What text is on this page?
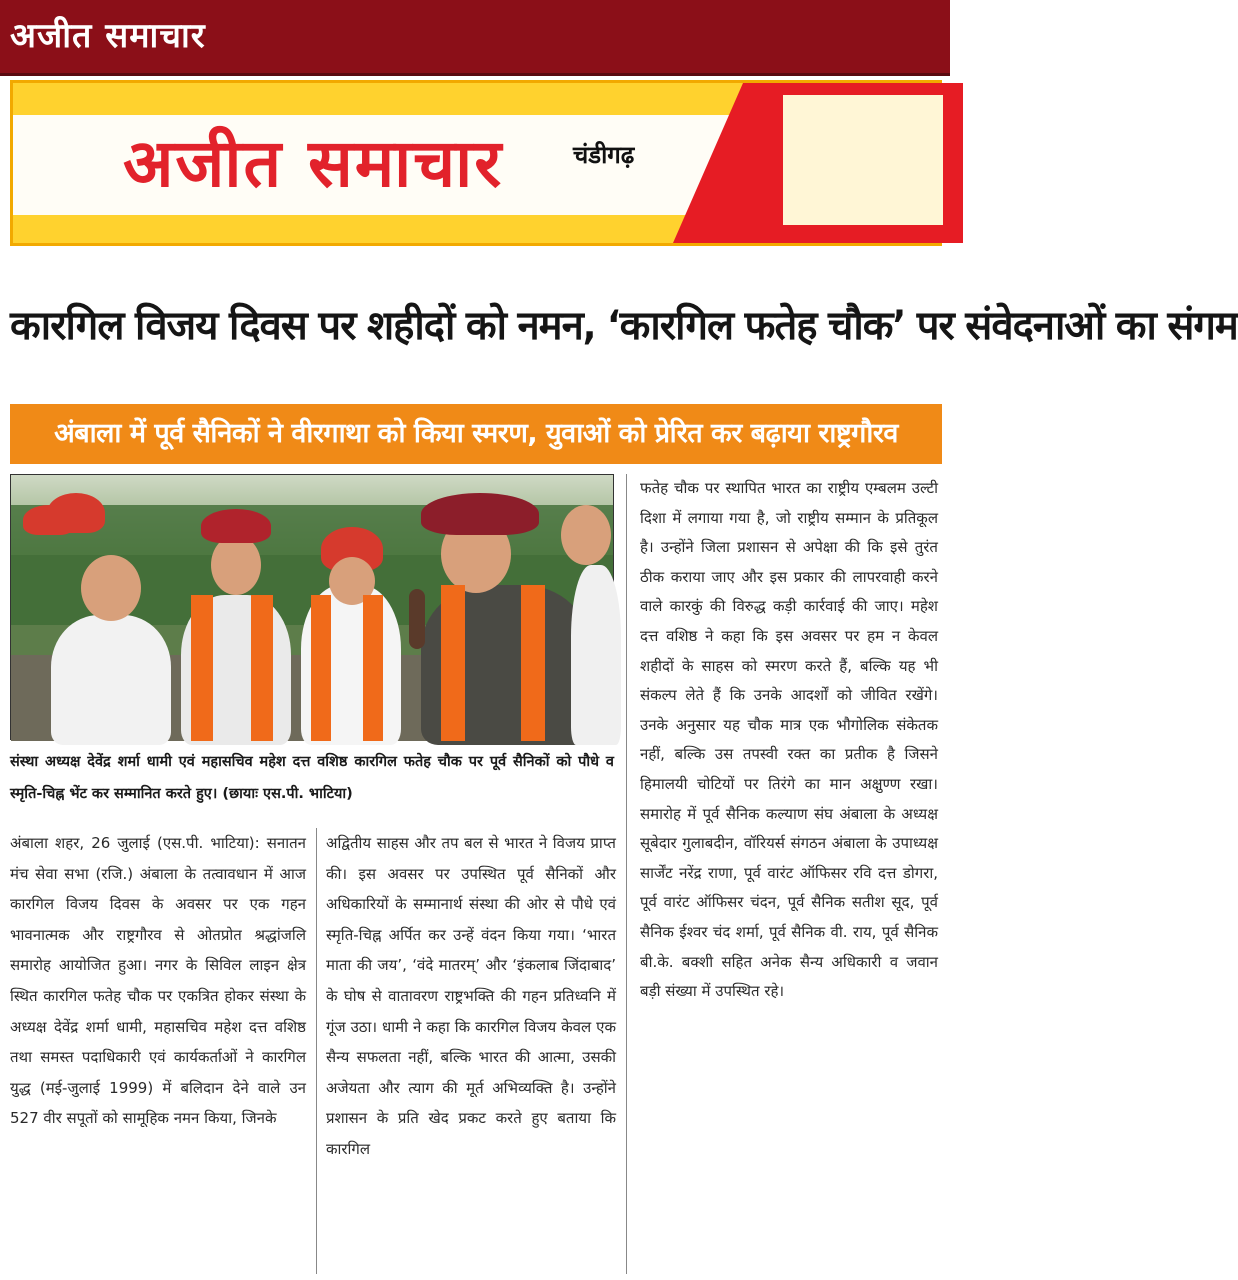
अजीत समाचार
अजीत समाचार	चंडीगढ़
कारगिल विजय दिवस पर शहीदों को नमन, ‘कारगिल फतेह चौक’ पर संवेदनाओं का संगम
अंबाला में पूर्व सैनिकों ने वीरगाथा को किया स्मरण, युवाओं को प्रेरित कर बढ़ाया राष्ट्रगौरव
संस्था अध्यक्ष देवेंद्र शर्मा धामी एवं महासचिव महेश दत्त वशिष्ठ कारगिल फतेह चौक पर पूर्व सैनिकों को पौधे व स्मृति-चिह्न भेंट कर सम्मानित करते हुए। (छायाः एस.पी. भाटिया)
अंबाला शहर, 26 जुलाई (एस.पी. भाटिया): सनातन मंच सेवा सभा (रजि.) अंबाला के तत्वावधान में आज कारगिल विजय दिवस के अवसर पर एक गहन भावनात्मक और राष्ट्रगौरव से ओतप्रोत श्रद्धांजलि समारोह आयोजित हुआ। नगर के सिविल लाइन क्षेत्र स्थित कारगिल फतेह चौक पर एकत्रित होकर संस्था के अध्यक्ष देवेंद्र शर्मा धामी, महासचिव महेश दत्त वशिष्ठ तथा समस्त पदाधिकारी एवं कार्यकर्ताओं ने कारगिल युद्ध (मई-जुलाई 1999) में बलिदान देने वाले उन 527 वीर सपूतों को सामूहिक नमन किया, जिनके
अद्वितीय साहस और तप बल से भारत ने विजय प्राप्त की। इस अवसर पर उपस्थित पूर्व सैनिकों और अधिकारियों के सम्मानार्थ संस्था की ओर से पौधे एवं स्मृति-चिह्न अर्पित कर उन्हें वंदन किया गया। ‘भारत माता की जय’, ‘वंदे मातरम्’ और ‘इंकलाब जिंदाबाद’ के घोष से वातावरण राष्ट्रभक्ति की गहन प्रतिध्वनि में गूंज उठा। धामी ने कहा कि कारगिल विजय केवल एक सैन्य सफलता नहीं, बल्कि भारत की आत्मा, उसकी अजेयता और त्याग की मूर्त अभिव्यक्ति है। उन्होंने प्रशासन के प्रति खेद प्रकट करते हुए बताया कि कारगिल
फतेह चौक पर स्थापित भारत का राष्ट्रीय एम्बलम उल्टी दिशा में लगाया गया है, जो राष्ट्रीय सम्मान के प्रतिकूल है। उन्होंने जिला प्रशासन से अपेक्षा की कि इसे तुरंत ठीक कराया जाए और इस प्रकार की लापरवाही करने वाले कारकुं की विरुद्ध कड़ी कार्रवाई की जाए। महेश दत्त वशिष्ठ ने कहा कि इस अवसर पर हम न केवल शहीदों के साहस को स्मरण करते हैं, बल्कि यह भी संकल्प लेते हैं कि उनके आदर्शों को जीवित रखेंगे। उनके अनुसार यह चौक मात्र एक भौगोलिक संकेतक नहीं, बल्कि उस तपस्वी रक्त का प्रतीक है जिसने हिमालयी चोटियों पर तिरंगे का मान अक्षुण्ण रखा। समारोह में पूर्व सैनिक कल्याण संघ अंबाला के अध्यक्ष सूबेदार गुलाबदीन, वॉरियर्स संगठन अंबाला के उपाध्यक्ष सार्जेंट नरेंद्र राणा, पूर्व वारंट ऑफिसर रवि दत्त डोगरा, पूर्व वारंट ऑफिसर चंदन, पूर्व सैनिक सतीश सूद, पूर्व सैनिक ईश्वर चंद शर्मा, पूर्व सैनिक वी. राय, पूर्व सैनिक बी.के. बक्शी सहित अनेक सैन्य अधिकारी व जवान बड़ी संख्या में उपस्थित रहे।
